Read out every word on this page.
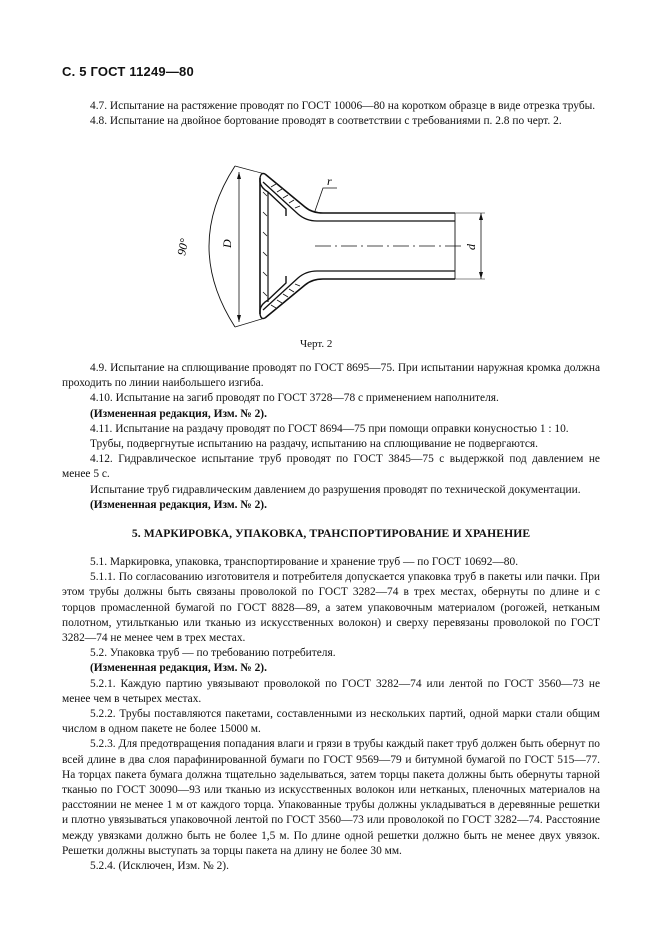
С. 5 ГОСТ 11249—80

4.7. Испытание на растяжение проводят по ГОСТ 10006—80 на коротком образце в виде отрезка трубы.

4.8. Испытание на двойное бортование проводят в соответствии с требованиями п. 2.8 по черт. 2.

90° D	d
r
Черт. 2

4.9. Испытание на сплющивание проводят по ГОСТ 8695—75. При испытании наружная кромка должна проходить по линии наибольшего изгиба.

4.10. Испытание на загиб проводят по ГОСТ 3728—78 с применением наполнителя.

(Измененная редакция, Изм. № 2).

4.11. Испытание на раздачу проводят по ГОСТ 8694—75 при помощи оправки конусностью 1 : 10.

Трубы, подвергнутые испытанию на раздачу, испытанию на сплющивание не подвергаются.

4.12. Гидравлическое испытание труб проводят по ГОСТ 3845—75 с выдержкой под давлением не менее 5 с.

Испытание труб гидравлическим давлением до разрушения проводят по технической документации.

(Измененная редакция, Изм. № 2).

5. МАРКИРОВКА, УПАКОВКА, ТРАНСПОРТИРОВАНИЕ И ХРАНЕНИЕ

5.1. Маркировка, упаковка, транспортирование и хранение труб — по ГОСТ 10692—80.

5.1.1. По согласованию изготовителя и потребителя допускается упаковка труб в пакеты или пачки. При этом трубы должны быть связаны проволокой по ГОСТ 3282—74 в трех местах, обернуты по длине и с торцов промасленной бумагой по ГОСТ 8828—89, а затем упаковочным материалом (рогожей, нетканым полотном, утильтканью или тканью из искусственных волокон) и сверху перевязаны проволокой по ГОСТ 3282—74 не менее чем в трех местах.

5.2. Упаковка труб — по требованию потребителя.

(Измененная редакция, Изм. № 2).

5.2.1. Каждую партию увязывают проволокой по ГОСТ 3282—74 или лентой по ГОСТ 3560—73 не менее чем в четырех местах.

5.2.2. Трубы поставляются пакетами, составленными из нескольких партий, одной марки стали общим числом в одном пакете не более 15000 м.

5.2.3. Для предотвращения попадания влаги и грязи в трубы каждый пакет труб должен быть обернут по всей длине в два слоя парафинированной бумаги по ГОСТ 9569—79 и битумной бумагой по ГОСТ 515—77. На торцах пакета бумага должна тщательно заделываться, затем торцы пакета должны быть обернуты тарной тканью по ГОСТ 30090—93 или тканью из искусственных волокон или нетканых, пленочных материалов на расстоянии не менее 1 м от каждого торца. Упакованные трубы должны укладываться в деревянные решетки и плотно увязываться упаковочной лентой по ГОСТ 3560—73 или проволокой по ГОСТ 3282—74. Расстояние между увязками должно быть не более 1,5 м. По длине одной решетки должно быть не менее двух увязок. Решетки должны выступать за торцы пакета на длину не более 30 мм.

5.2.4. (Исключен, Изм. № 2).
